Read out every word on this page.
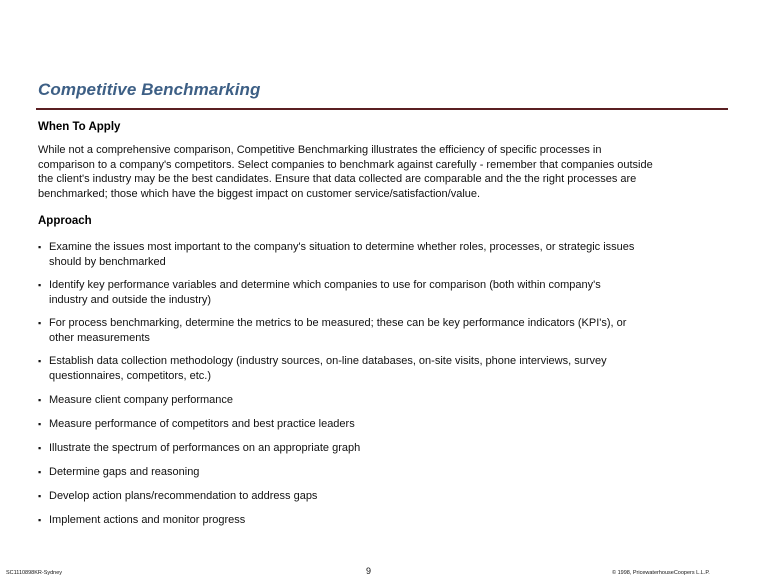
Competitive Benchmarking
When To Apply
While not a comprehensive comparison, Competitive Benchmarking illustrates the efficiency of specific processes in
comparison to a company's competitors. Select companies to benchmark against carefully - remember that companies outside
the client's industry may be the best candidates. Ensure that data collected are comparable and the the right processes are
benchmarked; those which have the biggest impact on customer service/satisfaction/value.
Approach
▪ Examine the issues most important to the company's situation to determine whether roles, processes, or strategic issues
should by benchmarked
▪ Identify key performance variables and determine which companies to use for comparison (both within company's
industry and outside the industry)
▪ For process benchmarking, determine the metrics to be measured; these can be key performance indicators (KPI's), or
other measurements
▪ Establish data collection methodology (industry sources, on-line databases, on-site visits, phone interviews, survey
questionnaires, competitors, etc.)
▪ Measure client company performance
▪ Measure performance of competitors and best practice leaders
▪ Illustrate the spectrum of performances on an appropriate graph
▪ Determine gaps and reasoning
▪ Develop action plans/recommendation to address gaps
▪ Implement actions and monitor progress
SC1110898KR-Sydney	9	© 1998, PricewaterhouseCoopers L.L.P.
